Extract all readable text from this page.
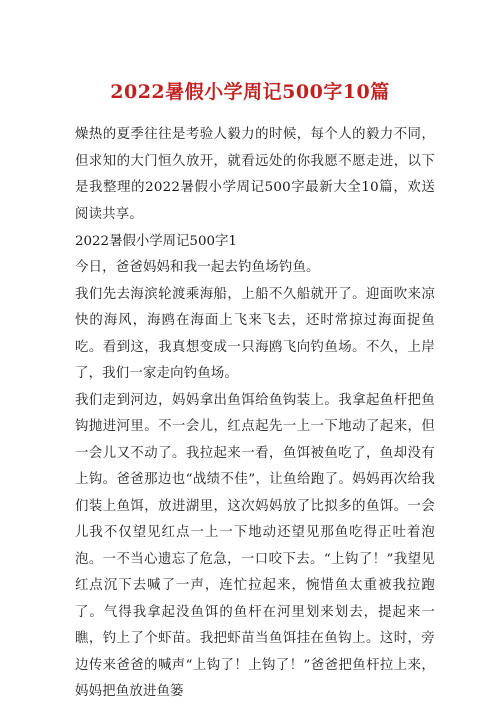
2022暑假小学周记500字10篇

燥热的夏季往往是考验人毅力的时候，每个人的毅力不同，但求知的大门恒久放开，就看远处的你我愿不愿走进，以下是我整理的2022暑假小学周记500字最新大全10篇，欢送阅读共享。

2022暑假小学周记500字1

今日，爸爸妈妈和我一起去钓鱼场钓鱼。

我们先去海滨轮渡乘海船，上船不久船就开了。迎面吹来凉快的海风，海鸥在海面上飞来飞去，还时常掠过海面捉鱼吃。看到这，我真想变成一只海鸥飞向钓鱼场。不久，上岸了，我们一家走向钓鱼场。

我们走到河边，妈妈拿出鱼饵给鱼钩装上。我拿起鱼杆把鱼钩抛进河里。不一会儿，红点起先一上一下地动了起来，但一会儿又不动了。我拉起来一看，鱼饵被鱼吃了，鱼却没有上钩。爸爸那边也“战绩不佳”，让鱼给跑了。妈妈再次给我们装上鱼饵，放进湖里，这次妈妈放了比拟多的鱼饵。一会儿我不仅望见红点一上一下地动还望见那鱼吃得正吐着泡泡。一不当心遗忘了危急，一口咬下去。“上钩了！”我望见红点沉下去喊了一声，连忙拉起来，惋惜鱼太重被我拉跑了。气得我拿起没鱼饵的鱼杆在河里划来划去，提起来一瞧，钓上了个虾苗。我把虾苗当鱼饵挂在鱼钩上。这时，旁边传来爸爸的喊声“上钩了！上钩了！”爸爸把鱼杆拉上来，妈妈把鱼放进鱼篓
